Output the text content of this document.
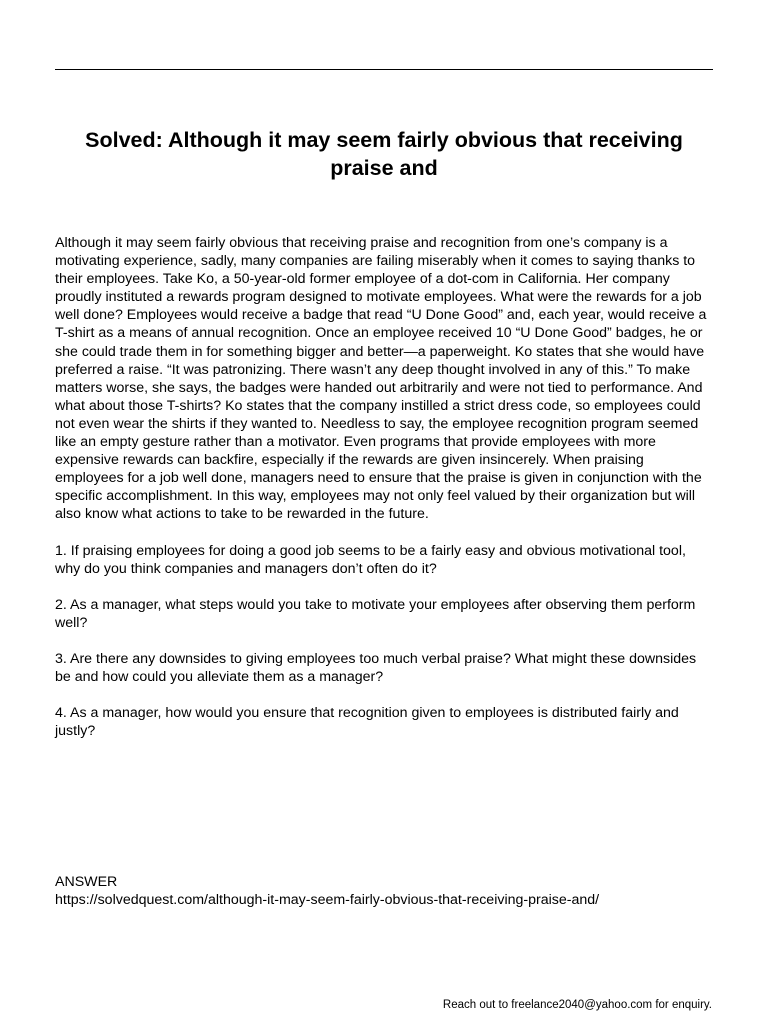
Solved: Although it may seem fairly obvious that receiving praise and

Although it may seem fairly obvious that receiving praise and recognition from one’s company is a motivating experience, sadly, many companies are failing miserably when it comes to saying thanks to their employees. Take Ko, a 50-year-old former employee of a dot-com in California. Her company proudly instituted a rewards program designed to motivate employees. What were the rewards for a job well done? Employees would receive a badge that read “U Done Good” and, each year, would receive a T-shirt as a means of annual recognition. Once an employee received 10 “U Done Good” badges, he or she could trade them in for something bigger and better—a paperweight. Ko states that she would have preferred a raise. “It was patronizing. There wasn’t any deep thought involved in any of this.” To make matters worse, she says, the badges were handed out arbitrarily and were not tied to performance. And what about those T-shirts? Ko states that the company instilled a strict dress code, so employees could not even wear the shirts if they wanted to. Needless to say, the employee recognition program seemed like an empty gesture rather than a motivator. Even programs that provide employees with more expensive rewards can backfire, especially if the rewards are given insincerely. When praising employees for a job well done, managers need to ensure that the praise is given in conjunction with the specific accomplishment. In this way, employees may not only feel valued by their organization but will also know what actions to take to be rewarded in the future.

1. If praising employees for doing a good job seems to be a fairly easy and obvious motivational tool, why do you think companies and managers don’t often do it?

2. As a manager, what steps would you take to motivate your employees after observing them perform well?

3. Are there any downsides to giving employees too much verbal praise? What might these downsides be and how could you alleviate them as a manager?

4. As a manager, how would you ensure that recognition given to employees is distributed fairly and justly?

ANSWER
https://solvedquest.com/although-it-may-seem-fairly-obvious-that-receiving-praise-and/
Reach out to freelance2040@yahoo.com for enquiry.
